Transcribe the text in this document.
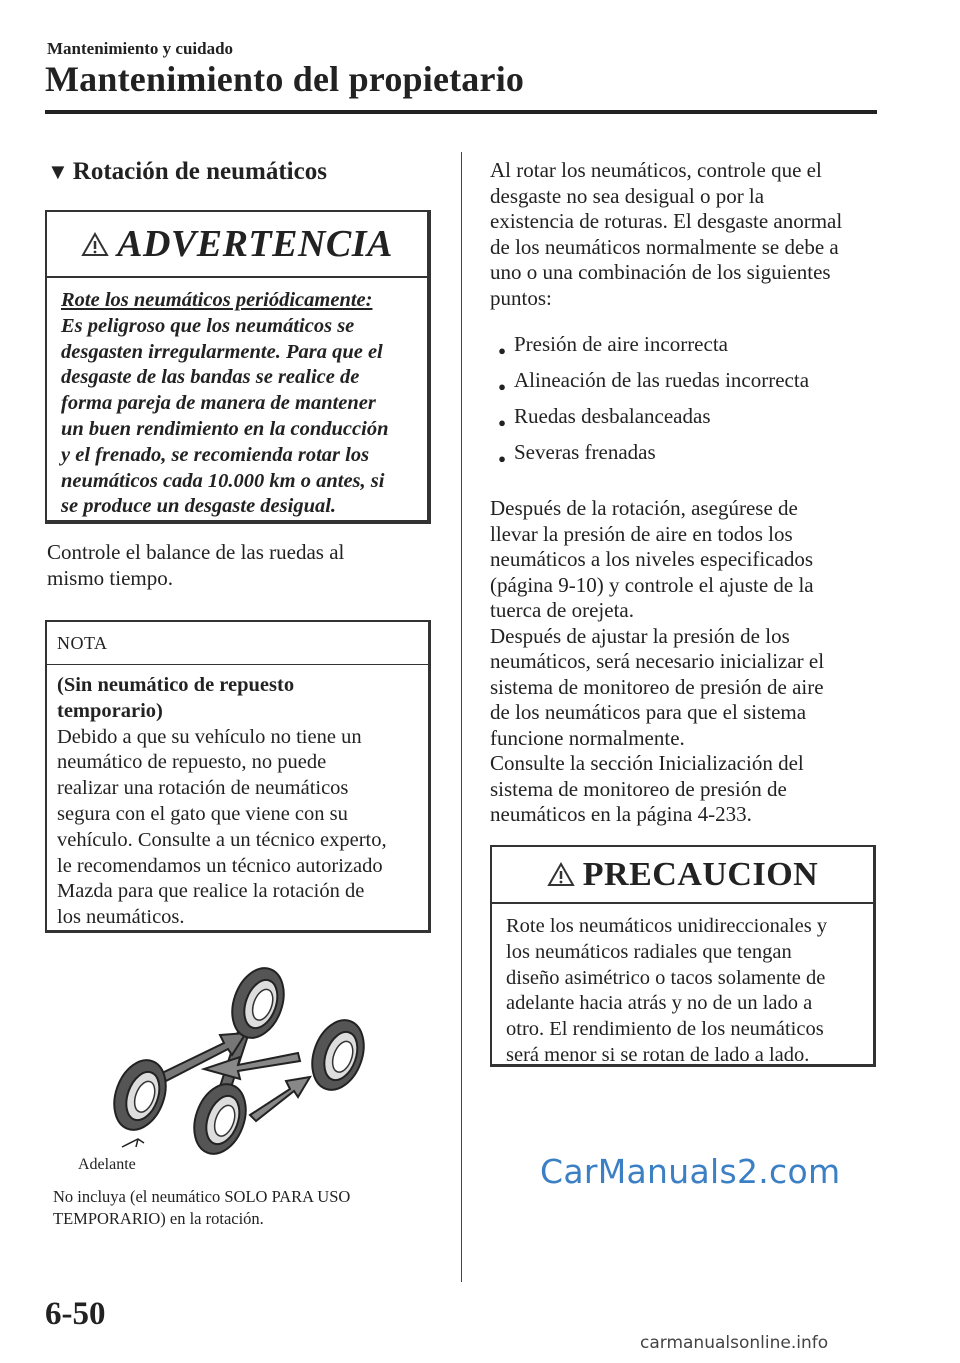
Mantenimiento y cuidado
Mantenimiento del propietario
▼ Rotación de neumáticos
ADVERTENCIA
Rote los neumáticos periódicamente:
Es peligroso que los neumáticos se
desgasten irregularmente. Para que el
desgaste de las bandas se realice de
forma pareja de manera de mantener
un buen rendimiento en la conducción
y el frenado, se recomienda rotar los
neumáticos cada 10.000 km o antes, si
se produce un desgaste desigual.
Controle el balance de las ruedas al
mismo tiempo.
NOTA
(Sin neumático de repuesto
temporario)
Debido a que su vehículo no tiene un
neumático de repuesto, no puede
realizar una rotación de neumáticos
segura con el gato que viene con su
vehículo. Consulte a un técnico experto,
le recomendamos un técnico autorizado
Mazda para que realice la rotación de
los neumáticos.
Adelante
No incluya (el neumático SOLO PARA USO
TEMPORARIO) en la rotación.
Al rotar los neumáticos, controle que el
desgaste no sea desigual o por la
existencia de roturas. El desgaste anormal
de los neumáticos normalmente se debe a
uno o una combinación de los siguientes
puntos:
● Presión de aire incorrecta
● Alineación de las ruedas incorrecta
● Ruedas desbalanceadas
● Severas frenadas
Después de la rotación, asegúrese de
llevar la presión de aire en todos los
neumáticos a los niveles especificados
(página 9-10) y controle el ajuste de la
tuerca de orejeta.
Después de ajustar la presión de los
neumáticos, será necesario inicializar el
sistema de monitoreo de presión de aire
de los neumáticos para que el sistema
funcione normalmente.
Consulte la sección Inicialización del
sistema de monitoreo de presión de
neumáticos en la página 4-233.
PRECAUCION
Rote los neumáticos unidireccionales y
los neumáticos radiales que tengan
diseño asimétrico o tacos solamente de
adelante hacia atrás y no de un lado a
otro. El rendimiento de los neumáticos
será menor si se rotan de lado a lado.
CarManuals2.com
6-50
carmanualsonline.info
